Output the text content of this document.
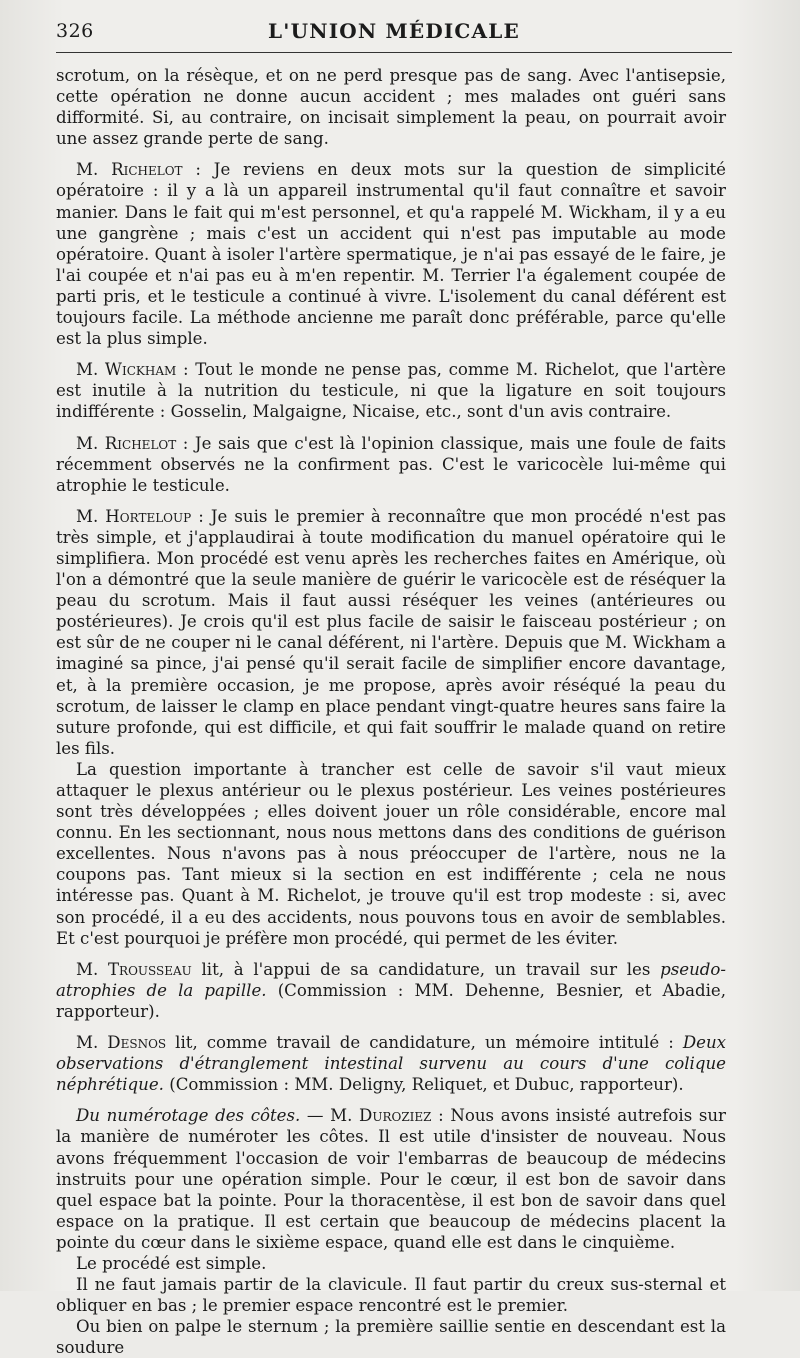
326	L'UNION MÉDICALE

scrotum, on la résèque, et on ne perd presque pas de sang. Avec l'antisepsie, cette opération ne donne aucun accident ; mes malades ont guéri sans difformité. Si, au contraire, on incisait simplement la peau, on pourrait avoir une assez grande perte de sang.

M. Richelot : Je reviens en deux mots sur la question de simplicité opératoire : il y a là un appareil instrumental qu'il faut connaître et savoir manier. Dans le fait qui m'est personnel, et qu'a rappelé M. Wickham, il y a eu une gangrène ; mais c'est un accident qui n'est pas imputable au mode opératoire. Quant à isoler l'artère spermatique, je n'ai pas essayé de le faire, je l'ai coupée et n'ai pas eu à m'en repentir. M. Terrier l'a également coupée de parti pris, et le testicule a continué à vivre. L'isolement du canal déférent est toujours facile. La méthode ancienne me paraît donc préférable, parce qu'elle est la plus simple.

M. Wickham : Tout le monde ne pense pas, comme M. Richelot, que l'artère est inutile à la nutrition du testicule, ni que la ligature en soit toujours indifférente : Gosselin, Malgaigne, Nicaise, etc., sont d'un avis contraire.

M. Richelot : Je sais que c'est là l'opinion classique, mais une foule de faits récemment observés ne la confirment pas. C'est le varicocèle lui-même qui atrophie le testicule.

M. Horteloup : Je suis le premier à reconnaître que mon procédé n'est pas très simple, et j'applaudirai à toute modification du manuel opératoire qui le simplifiera. Mon procédé est venu après les recherches faites en Amérique, où l'on a démontré que la seule manière de guérir le varicocèle est de réséquer la peau du scrotum. Mais il faut aussi réséquer les veines (antérieures ou postérieures). Je crois qu'il est plus facile de saisir le faisceau postérieur ; on est sûr de ne couper ni le canal déférent, ni l'artère. Depuis que M. Wickham a imaginé sa pince, j'ai pensé qu'il serait facile de simplifier encore davantage, et, à la première occasion, je me propose, après avoir réséqué la peau du scrotum, de laisser le clamp en place pendant vingt-quatre heures sans faire la suture profonde, qui est difficile, et qui fait souffrir le malade quand on retire les fils.

La question importante à trancher est celle de savoir s'il vaut mieux attaquer le plexus antérieur ou le plexus postérieur. Les veines postérieures sont très développées ; elles doivent jouer un rôle considérable, encore mal connu. En les sectionnant, nous nous mettons dans des conditions de guérison excellentes. Nous n'avons pas à nous préoccuper de l'artère, nous ne la coupons pas. Tant mieux si la section en est indifférente ; cela ne nous intéresse pas. Quant à M. Richelot, je trouve qu'il est trop modeste : si, avec son procédé, il a eu des accidents, nous pouvons tous en avoir de semblables. Et c'est pourquoi je préfère mon procédé, qui permet de les éviter.

M. Trousseau lit, à l'appui de sa candidature, un travail sur les pseudo-atrophies de la papille. (Commission : MM. Dehenne, Besnier, et Abadie, rapporteur).

M. Desnos lit, comme travail de candidature, un mémoire intitulé : Deux observations d'étranglement intestinal survenu au cours d'une colique néphrétique. (Commission : MM. Deligny, Reliquet, et Dubuc, rapporteur).

Du numérotage des côtes. — M. Duroziez : Nous avons insisté autrefois sur la manière de numéroter les côtes. Il est utile d'insister de nouveau. Nous avons fréquemment l'occasion de voir l'embarras de beaucoup de médecins instruits pour une opération simple. Pour le cœur, il est bon de savoir dans quel espace bat la pointe. Pour la thoracentèse, il est bon de savoir dans quel espace on la pratique. Il est certain que beaucoup de médecins placent la pointe du cœur dans le sixième espace, quand elle est dans le cinquième.

Le procédé est simple.

Il ne faut jamais partir de la clavicule. Il faut partir du creux sus-sternal et obliquer en bas ; le premier espace rencontré est le premier.

Ou bien on palpe le sternum ; la première saillie sentie en descendant est la soudure
